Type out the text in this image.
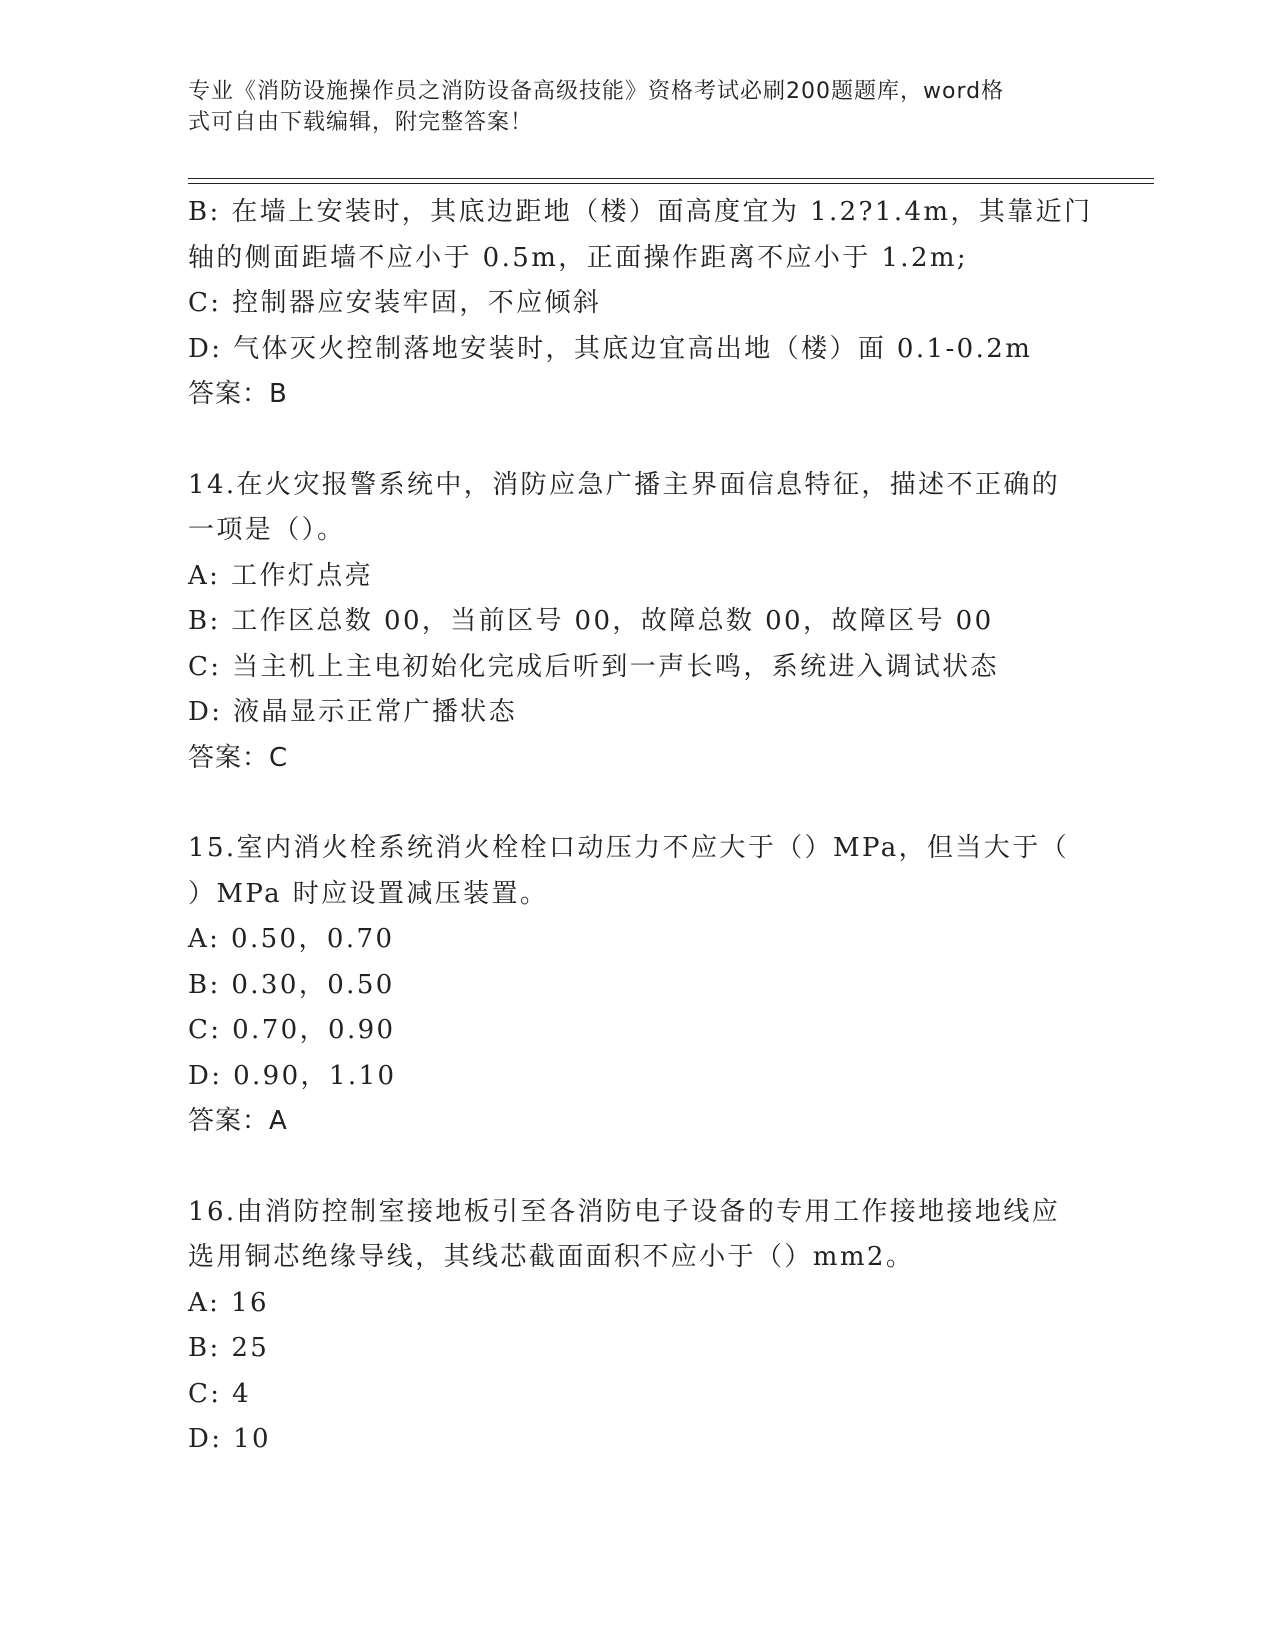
专业《消防设施操作员之消防设备高级技能》资格考试必刷200题题库，word格
式可自由下载编辑，附完整答案！
B: 在墙上安装时，其底边距地（楼）面高度宜为 1.2?1.4m，其靠近门
轴的侧面距墙不应小于 0.5m，正面操作距离不应小于 1.2m;
C: 控制器应安装牢固，不应倾斜
D: 气体灭火控制落地安装时，其底边宜高出地（楼）面 0.1-0.2m
答案：B
14.在火灾报警系统中，消防应急广播主界面信息特征，描述不正确的
一项是（）。
A: 工作灯点亮
B: 工作区总数 00，当前区号 00，故障总数 00，故障区号 00
C: 当主机上主电初始化完成后听到一声长鸣，系统进入调试状态
D: 液晶显示正常广播状态
答案：C
15.室内消火栓系统消火栓栓口动压力不应大于（）MPa，但当大于（
）MPa 时应设置减压装置。
A: 0.50，0.70
B: 0.30，0.50
C: 0.70，0.90
D: 0.90，1.10
答案：A
16.由消防控制室接地板引至各消防电子设备的专用工作接地接地线应
选用铜芯绝缘导线，其线芯截面面积不应小于（）mm2。
A: 16
B: 25
C: 4
D: 10
